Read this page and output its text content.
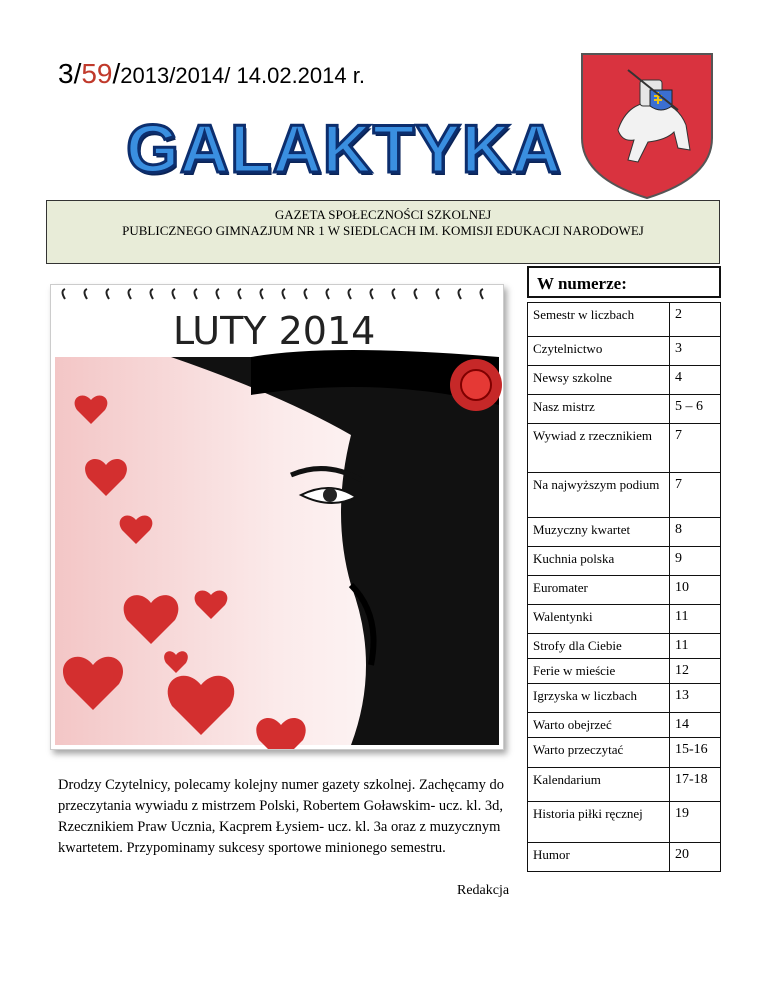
3/59/2013/2014/ 14.02.2014 r.
GALAKTYKA
GAZETA SPOŁECZNOŚCI SZKOLNEJ
PUBLICZNEGO GIMNAZJUM NR 1 W SIEDLCACH IM. KOMISJI EDUKACJI NARODOWEJ
LUTY 2014
W numerze:
Semestr w liczbach	2
Czytelnictwo	3
Newsy szkolne	4
Nasz mistrz	5 – 6
Wywiad z rzecznikiem	7
Na najwyższym podium	7
Muzyczny kwartet	8
Kuchnia polska	9
Euromater	10
Walentynki	11
Strofy dla Ciebie	11
Ferie w mieście	12
Igrzyska w liczbach	13
Warto obejrzeć	14
Warto przeczytać	15-16
Kalendarium	17-18
Historia piłki ręcznej	19
Humor	20
Drodzy Czytelnicy, polecamy kolejny numer gazety szkolnej. Zachęcamy do przeczytania wywiadu z mistrzem Polski, Robertem Goławskim- ucz. kl. 3d, Rzecznikiem Praw Ucznia, Kacprem Łysiem- ucz. kl. 3a oraz z muzycznym kwartetem. Przypominamy sukcesy sportowe minionego semestru.
Redakcja
